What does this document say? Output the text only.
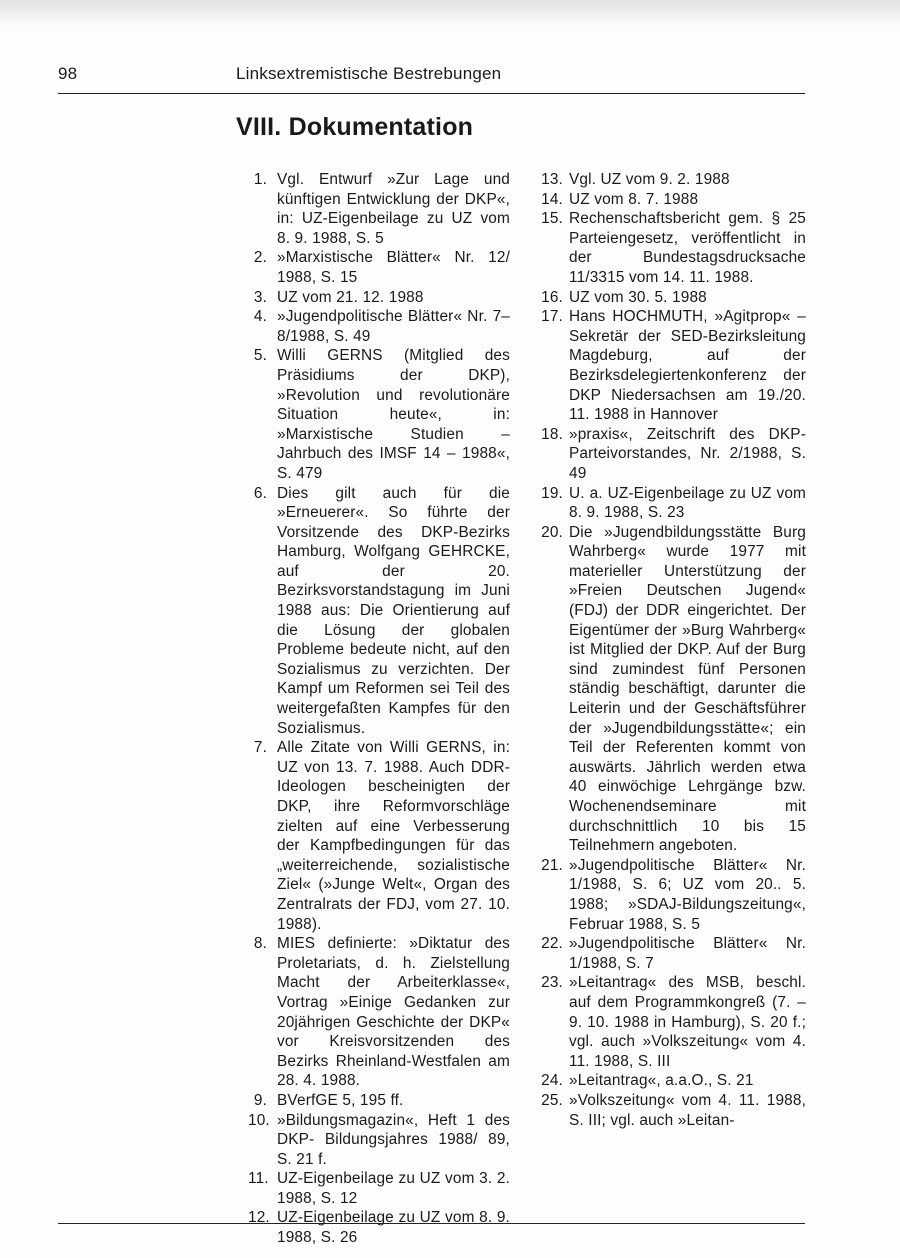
98	Linksextremistische Bestrebungen
VIII. Dokumentation

1. Vgl. Entwurf »Zur Lage und künftigen Entwicklung der DKP«, in: UZ-Eigenbeilage zu UZ vom 8. 9. 1988, S. 5

2. »Marxistische Blätter« Nr. 12/ 1988, S. 15

3. UZ vom 21. 12. 1988

4. »Jugendpolitische Blätter« Nr. 7–8/1988, S. 49

5. Willi GERNS (Mitglied des Präsidiums der DKP), »Revolution und revolutionäre Situation heute«, in: »Marxistische Studien – Jahrbuch des IMSF 14 – 1988«, S. 479

6. Dies gilt auch für die »Erneuerer«. So führte der Vorsitzende des DKP-Bezirks Hamburg, Wolfgang GEHRCKE, auf der 20. Bezirksvorstandstagung im Juni 1988 aus: Die Orientierung auf die Lösung der globalen Probleme bedeute nicht, auf den Sozialismus zu verzichten. Der Kampf um Reformen sei Teil des weitergefaßten Kampfes für den Sozialismus.

7. Alle Zitate von Willi GERNS, in: UZ von 13. 7. 1988. Auch DDR-Ideologen bescheinigten der DKP, ihre Reformvorschläge zielten auf eine Verbesserung der Kampfbedingungen für das „weiterreichende, sozialistische Ziel« (»Junge Welt«, Organ des Zentralrats der FDJ, vom 27. 10. 1988).

8. MIES definierte: »Diktatur des Proletariats, d. h. Zielstellung Macht der Arbeiterklasse«, Vortrag »Einige Gedanken zur 20jährigen Geschichte der DKP« vor Kreisvorsitzenden des Bezirks Rheinland-Westfalen am 28. 4. 1988.

9. BVerfGE 5, 195 ff.

10. »Bildungsmagazin«, Heft 1 des DKP- Bildungsjahres 1988/ 89, S. 21 f.

11. UZ-Eigenbeilage zu UZ vom 3. 2. 1988, S. 12

12. UZ-Eigenbeilage zu UZ vom 8. 9. 1988, S. 26

13. Vgl. UZ vom 9. 2. 1988

14. UZ vom 8. 7. 1988

15. Rechenschaftsbericht gem. § 25 Parteiengesetz, veröffentlicht in der Bundestagsdrucksache 11/3315 vom 14. 11. 1988.

16. UZ vom 30. 5. 1988

17. Hans HOCHMUTH, »Agitprop« – Sekretär der SED-Bezirksleitung Magdeburg, auf der Bezirksdelegiertenkonferenz der DKP Niedersachsen am 19./20. 11. 1988 in Hannover

18. »praxis«, Zeitschrift des DKP-Parteivorstandes, Nr. 2/1988, S. 49

19. U. a. UZ-Eigenbeilage zu UZ vom 8. 9. 1988, S. 23

20. Die »Jugendbildungsstätte Burg Wahrberg« wurde 1977 mit materieller Unterstützung der »Freien Deutschen Jugend« (FDJ) der DDR eingerichtet. Der Eigentümer der »Burg Wahrberg« ist Mitglied der DKP. Auf der Burg sind zumindest fünf Personen ständig beschäftigt, darunter die Leiterin und der Geschäftsführer der »Jugendbildungsstätte«; ein Teil der Referenten kommt von auswärts. Jährlich werden etwa 40 einwöchige Lehrgänge bzw. Wochenendseminare mit durchschnittlich 10 bis 15 Teilnehmern angeboten.

21. »Jugendpolitische Blätter« Nr. 1/1988, S. 6; UZ vom 20.. 5. 1988; »SDAJ-Bildungszeitung«, Februar 1988, S. 5

22. »Jugendpolitische Blätter« Nr. 1/1988, S. 7

23. »Leitantrag« des MSB, beschl. auf dem Programmkongreß (7. – 9. 10. 1988 in Hamburg), S. 20 f.; vgl. auch »Volkszeitung« vom 4. 11. 1988, S. III

24. »Leitantrag«, a.a.O., S. 21

25. »Volkszeitung« vom 4. 11. 1988, S. III; vgl. auch »Leitan-
